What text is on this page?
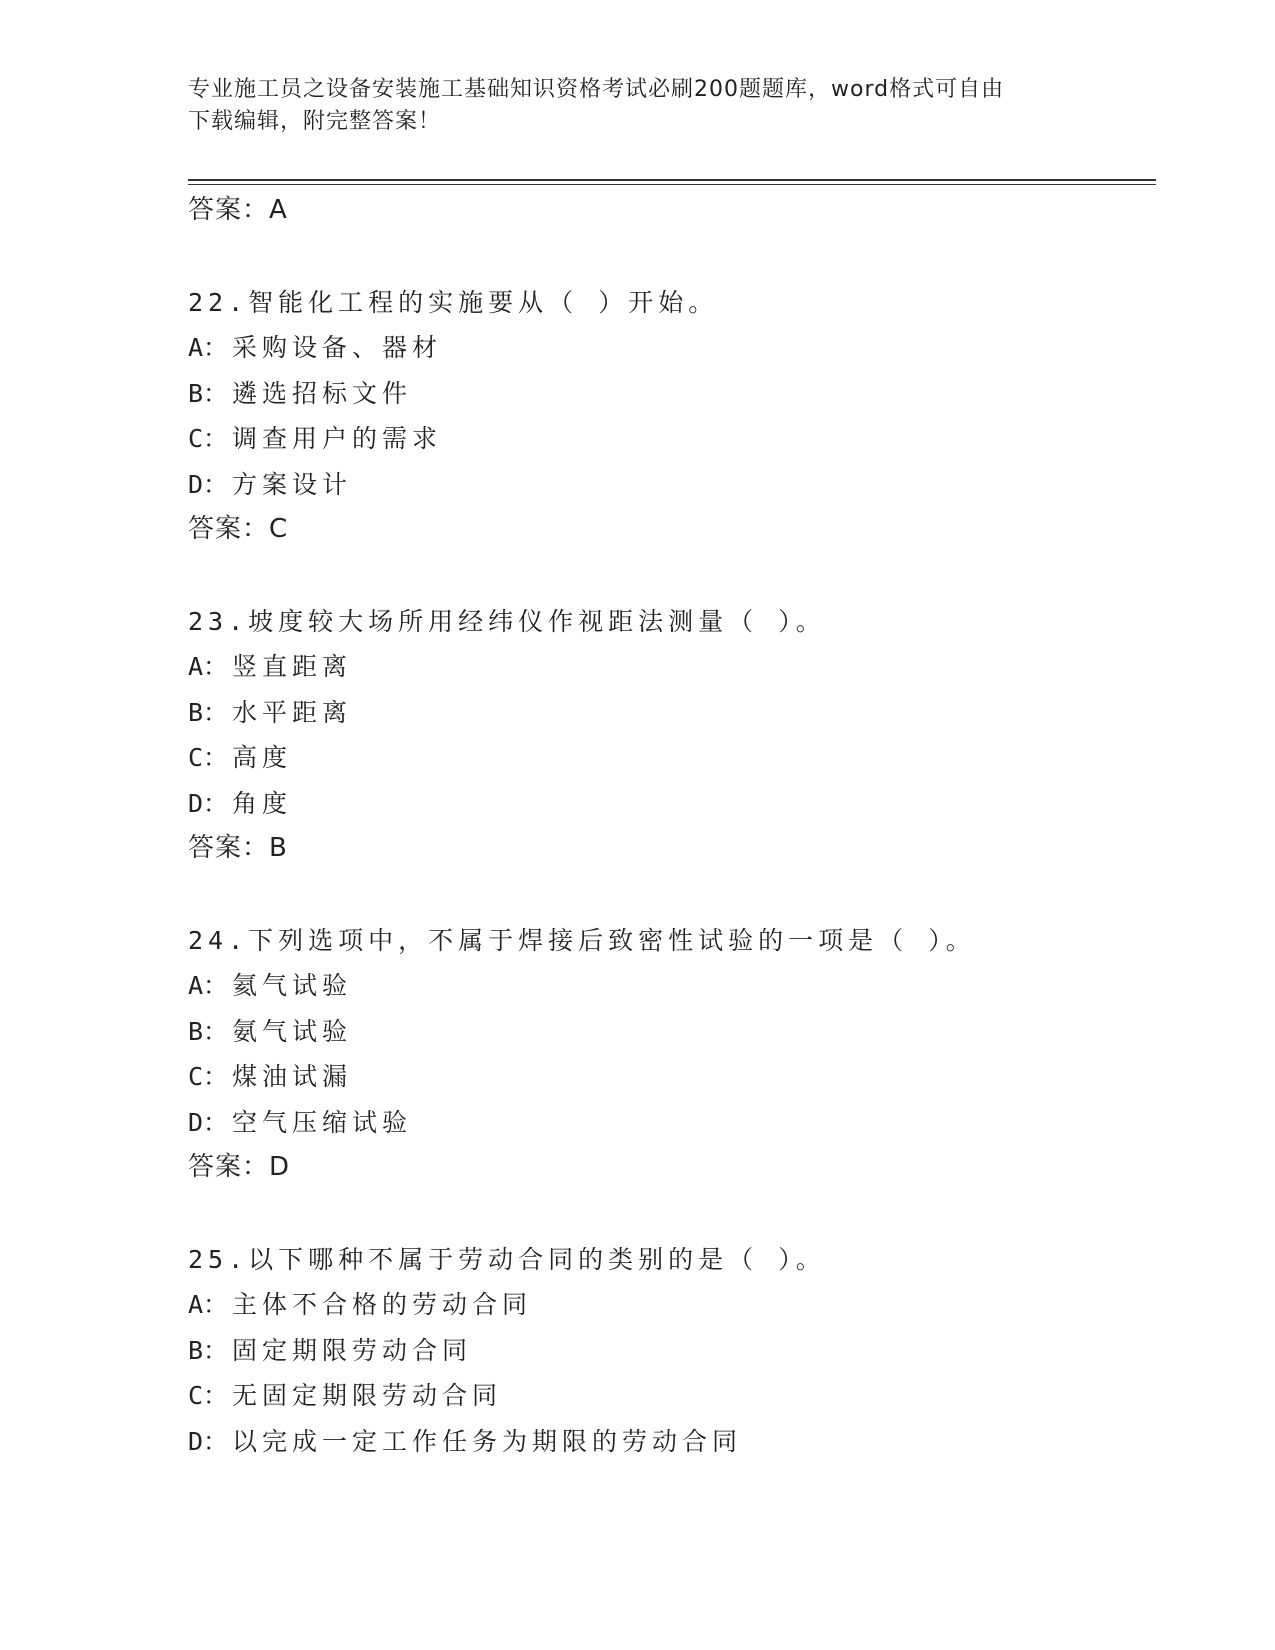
专业施工员之设备安装施工基础知识资格考试必刷200题题库，word格式可自由
下载编辑，附完整答案！
答案：A
22.智能化工程的实施要从（ ）开始。
A： 采购设备、器材
B： 遴选招标文件
C： 调查用户的需求
D： 方案设计
答案：C
23.坡度较大场所用经纬仪作视距法测量（ ）。
A： 竖直距离
B： 水平距离
C： 高度
D： 角度
答案：B
24.下列选项中，不属于焊接后致密性试验的一项是（ ）。
A： 氦气试验
B： 氨气试验
C： 煤油试漏
D： 空气压缩试验
答案：D
25.以下哪种不属于劳动合同的类别的是（ ）。
A： 主体不合格的劳动合同
B： 固定期限劳动合同
C： 无固定期限劳动合同
D： 以完成一定工作任务为期限的劳动合同
